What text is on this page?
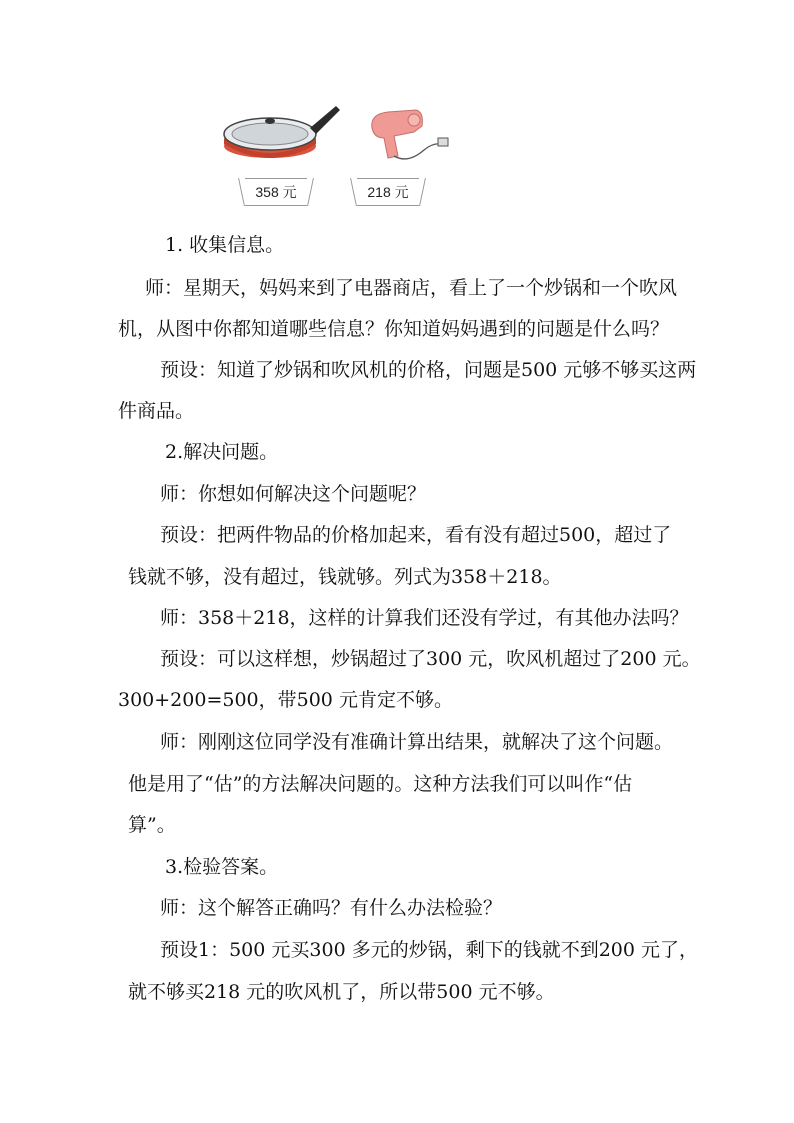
358 元	218 元
1. 收集信息。
师：星期天，妈妈来到了电器商店，看上了一个炒锅和一个吹风
机，从图中你都知道哪些信息？你知道妈妈遇到的问题是什么吗？
预设：知道了炒锅和吹风机的价格，问题是500 元够不够买这两
件商品。
2.解决问题。
师：你想如何解决这个问题呢？
预设：把两件物品的价格加起来，看有没有超过500，超过了
钱就不够，没有超过，钱就够。列式为358＋218。
师：358＋218，这样的计算我们还没有学过，有其他办法吗？
预设：可以这样想，炒锅超过了300 元，吹风机超过了200 元。
300+200=500，带500 元肯定不够。
师：刚刚这位同学没有准确计算出结果，就解决了这个问题。
他是用了“估”的方法解决问题的。这种方法我们可以叫作“估
算”。
3.检验答案。
师：这个解答正确吗？有什么办法检验？
预设1：500 元买300 多元的炒锅，剩下的钱就不到200 元了，
就不够买218 元的吹风机了，所以带500 元不够。
